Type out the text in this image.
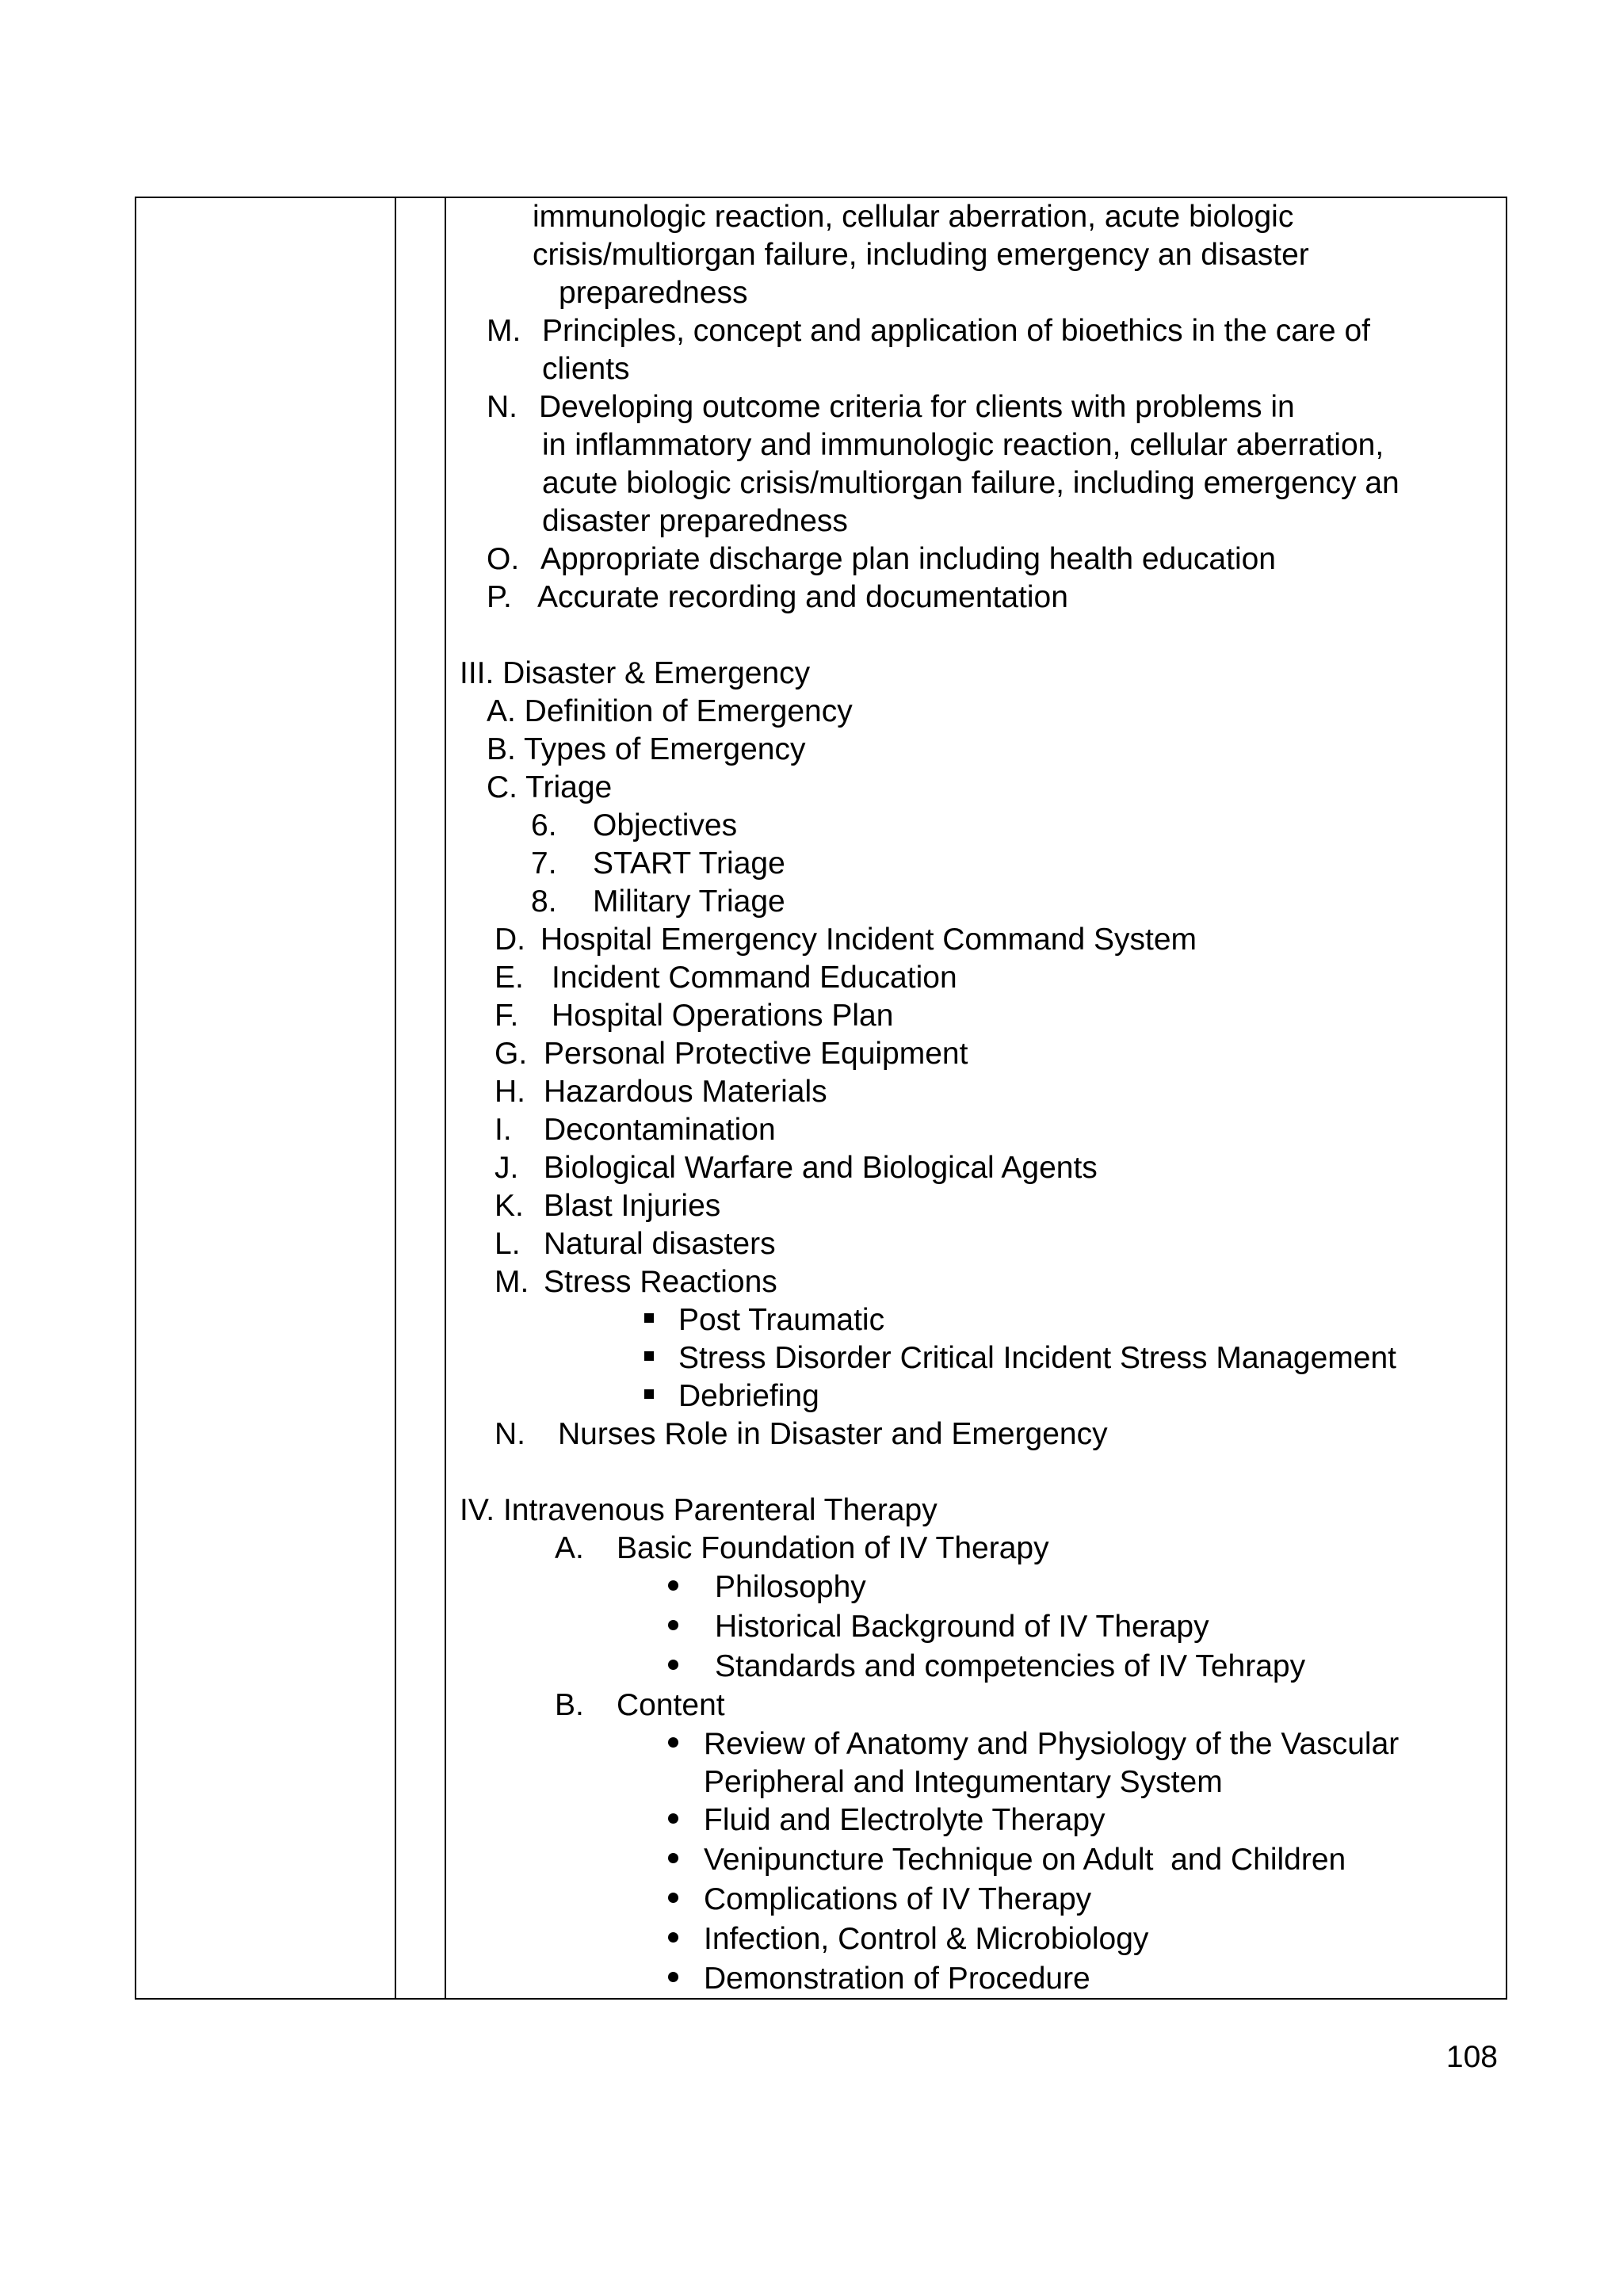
immunologic reaction, cellular aberration, acute biologic
crisis/multiorgan failure, including emergency an disaster
preparedness
M. Principles, concept and application of bioethics in the care of
clients
N. Developing outcome criteria for clients with problems in
in inflammatory and immunologic reaction, cellular aberration,
acute biologic crisis/multiorgan failure, including emergency an
disaster preparedness
O. Appropriate discharge plan including health education
P. Accurate recording and documentation
III. Disaster & Emergency
A. Definition of Emergency
B. Types of Emergency
C. Triage
6. Objectives
7. START Triage
8. Military Triage
D. Hospital Emergency Incident Command System
E. Incident Command Education
F. Hospital Operations Plan
G. Personal Protective Equipment
H. Hazardous Materials
I. Decontamination
J. Biological Warfare and Biological Agents
K. Blast Injuries
L. Natural disasters
M. Stress Reactions
Post Traumatic
Stress Disorder Critical Incident Stress Management
Debriefing
N. Nurses Role in Disaster and Emergency
IV. Intravenous Parenteral Therapy
A. Basic Foundation of IV Therapy
Philosophy
Historical Background of IV Therapy
Standards and competencies of IV Tehrapy
B. Content
Review of Anatomy and Physiology of the Vascular
Peripheral and Integumentary System
Fluid and Electrolyte Therapy
Venipuncture Technique on Adult  and Children
Complications of IV Therapy
Infection, Control & Microbiology
Demonstration of Procedure
108
